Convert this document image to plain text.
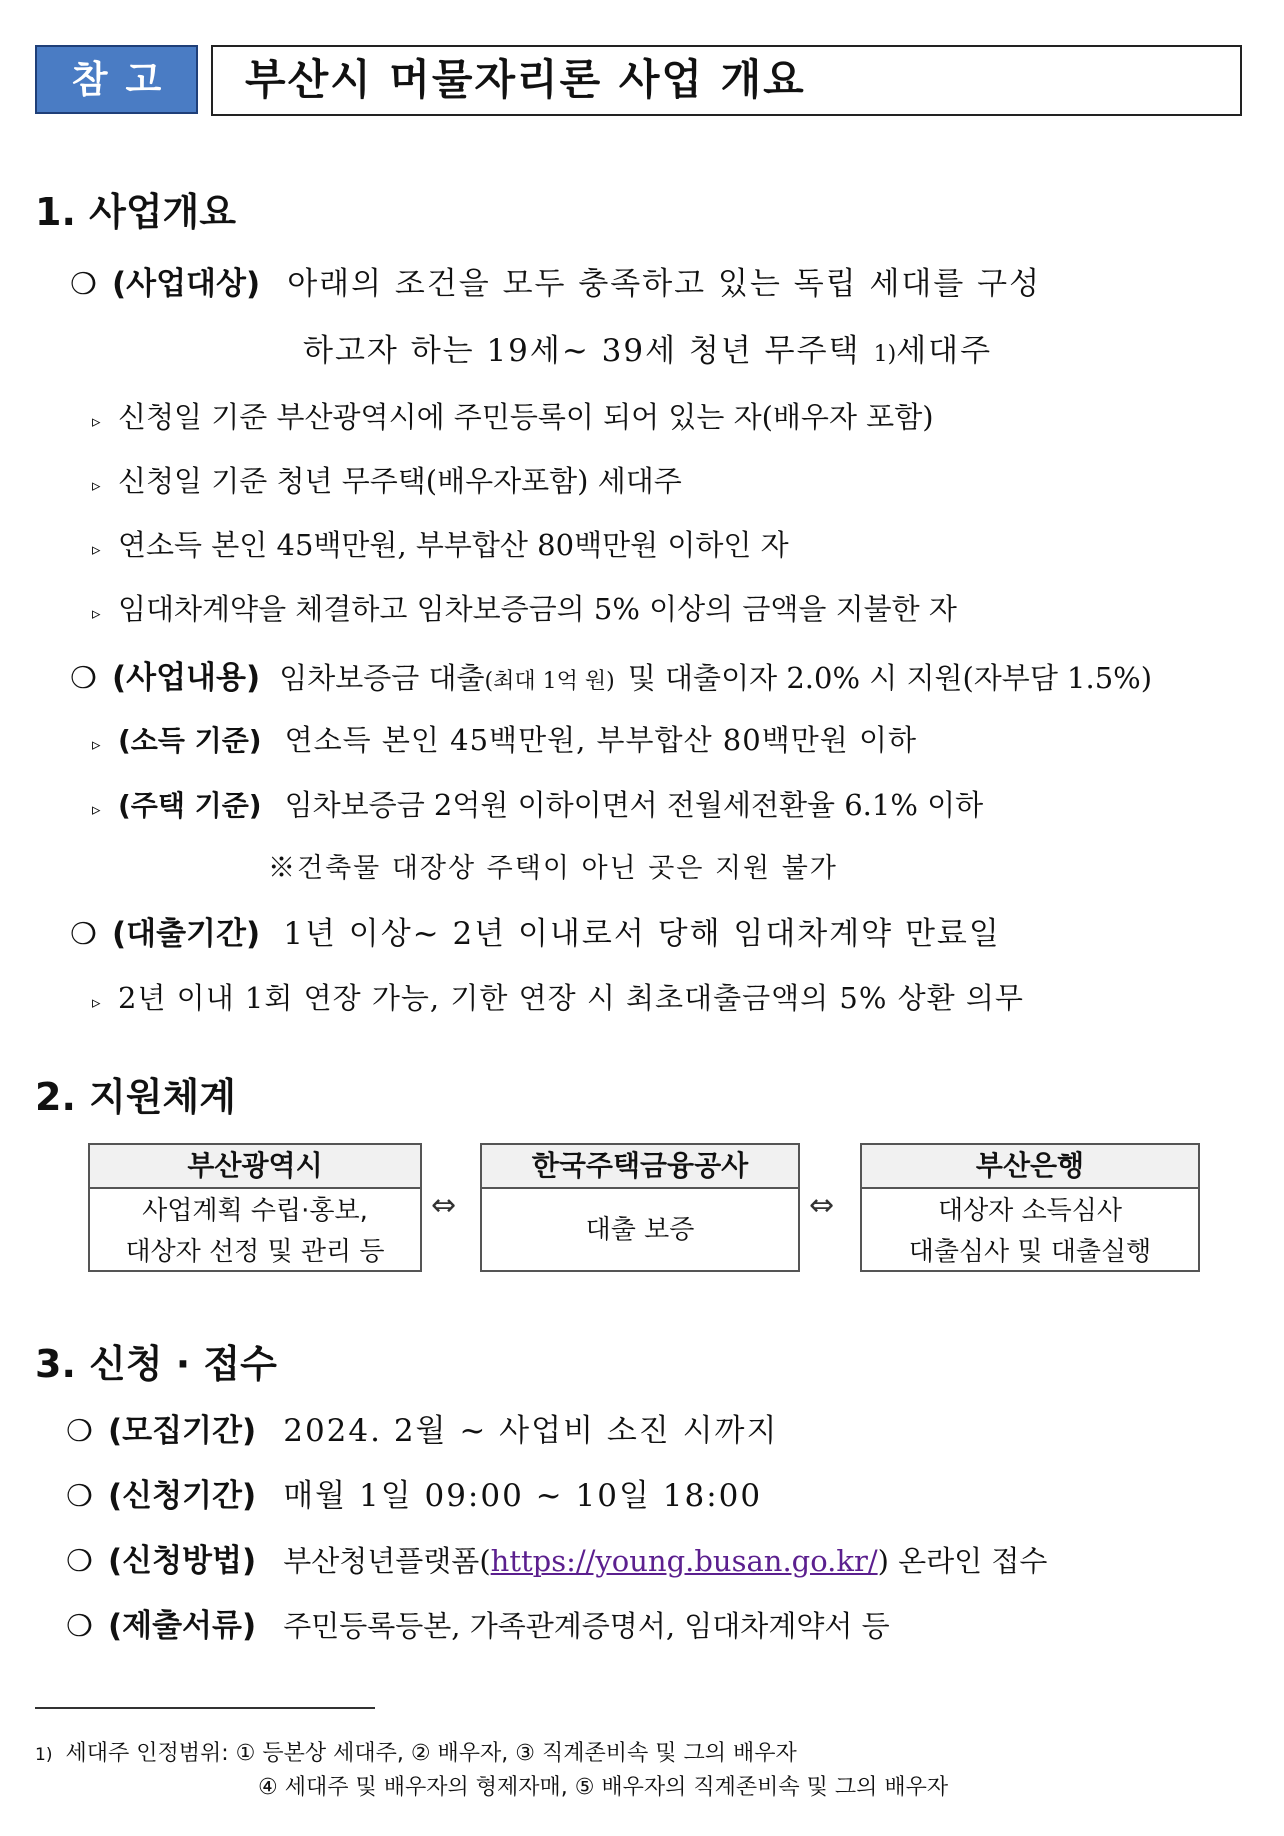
참고	부산시 머물자리론 사업 개요
1. 사업개요
❍ (사업대상) 아래의 조건을 모두 충족하고 있는 독립 세대를 구성
하고자 하는 19세~ 39세 청년 무주택 1)세대주
▹ 신청일 기준 부산광역시에 주민등록이 되어 있는 자(배우자 포함)
▹ 신청일 기준 청년 무주택(배우자포함) 세대주
▹ 연소득 본인 45백만원, 부부합산 80백만원 이하인 자
▹ 임대차계약을 체결하고 임차보증금의 5% 이상의 금액을 지불한 자
❍ (사업내용) 임차보증금 대출(최대 1억 원) 및 대출이자 2.0% 시 지원(자부담 1.5%)
▹ (소득 기준) 연소득 본인 45백만원, 부부합산 80백만원 이하
▹ (주택 기준) 임차보증금 2억원 이하이면서 전월세전환율 6.1% 이하
※건축물 대장상 주택이 아닌 곳은 지원 불가
❍ (대출기간) 1년 이상~ 2년 이내로서 당해 임대차계약 만료일
▹ 2년 이내 1회 연장 가능, 기한 연장 시 최초대출금액의 5% 상환 의무
2. 지원체계
부산광역시
사업계획 수립·홍보,
대상자 선정 및 관리 등
⇔
한국주택금융공사
대출 보증
⇔
부산은행
대상자 소득심사
대출심사 및 대출실행
3. 신청 · 접수
❍ (모집기간) 2024. 2월 ~ 사업비 소진 시까지
❍ (신청기간) 매월 1일 09:00 ~ 10일 18:00
❍ (신청방법) 부산청년플랫폼(https://young.busan.go.kr/) 온라인 접수
❍ (제출서류) 주민등록등본, 가족관계증명서, 임대차계약서 등
1) 세대주 인정범위: ① 등본상 세대주, ② 배우자, ③ 직계존비속 및 그의 배우자
④ 세대주 및 배우자의 형제자매, ⑤ 배우자의 직계존비속 및 그의 배우자
